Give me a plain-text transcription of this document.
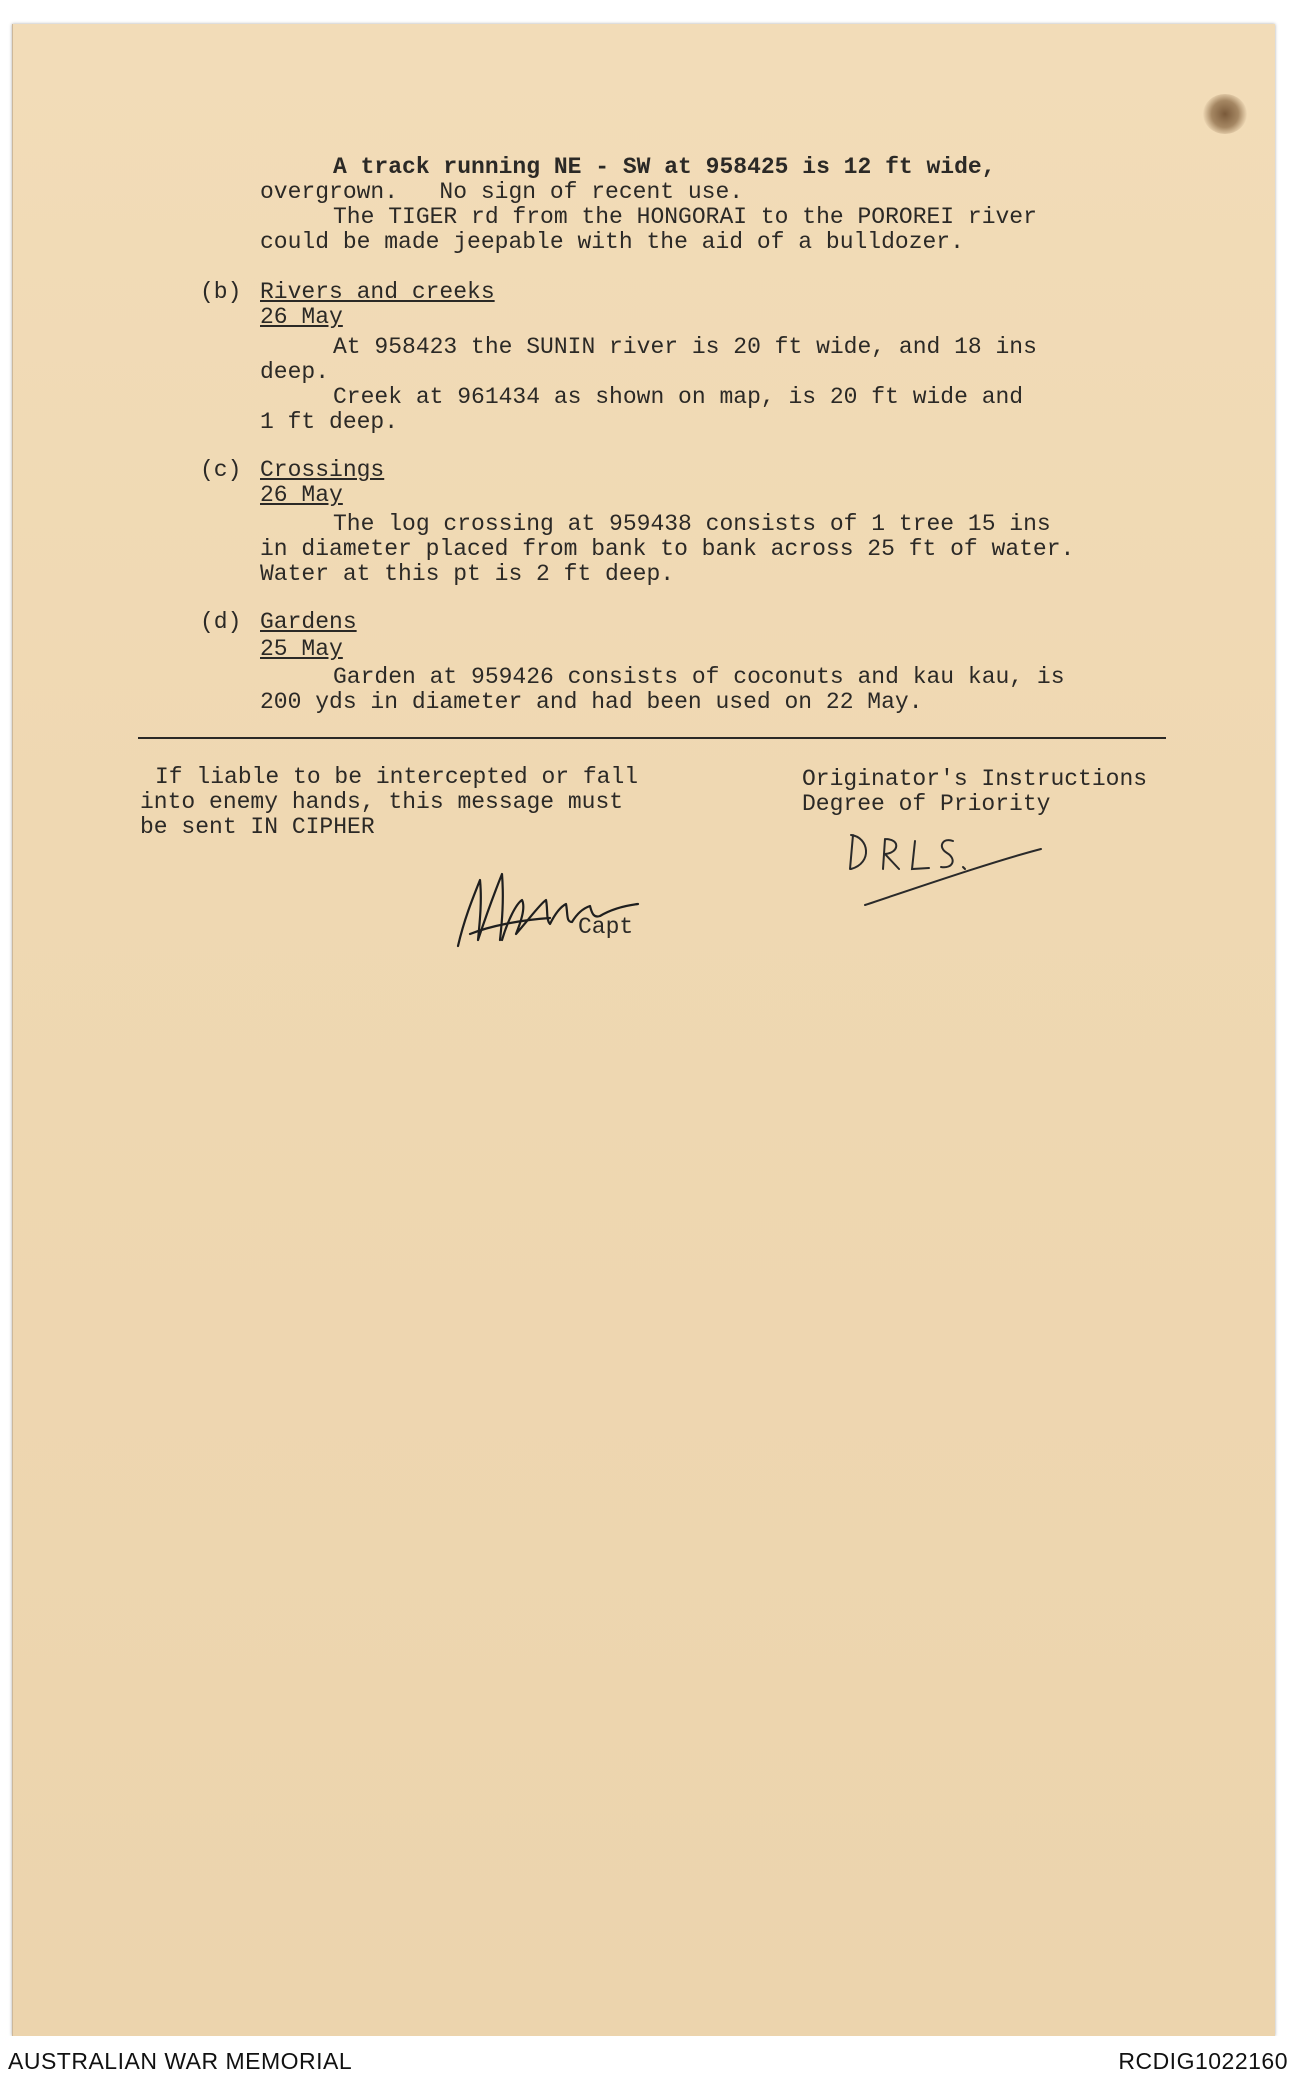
A track running NE - SW at 958425 is 12 ft wide,
overgrown.   No sign of recent use.
The TIGER rd from the HONGORAI to the POROREI river
could be made jeepable with the aid of a bulldozer.
(b) Rivers and creeks
26 May
At 958423 the SUNIN river is 20 ft wide, and 18 ins
deep.
Creek at 961434 as shown on map, is 20 ft wide and
1 ft deep.
(c) Crossings
26 May
The log crossing at 959438 consists of 1 tree 15 ins
in diameter placed from bank to bank across 25 ft of water.
Water at this pt is 2 ft deep.
(d) Gardens
25 May
Garden at 959426 consists of coconuts and kau kau, is
200 yds in diameter and had been used on 22 May.
If liable to be intercepted or fall
into enemy hands, this message must
be sent IN CIPHER
Originator's Instructions
Degree of Priority
Capt
AUSTRALIAN WAR MEMORIAL	RCDIG1022160
